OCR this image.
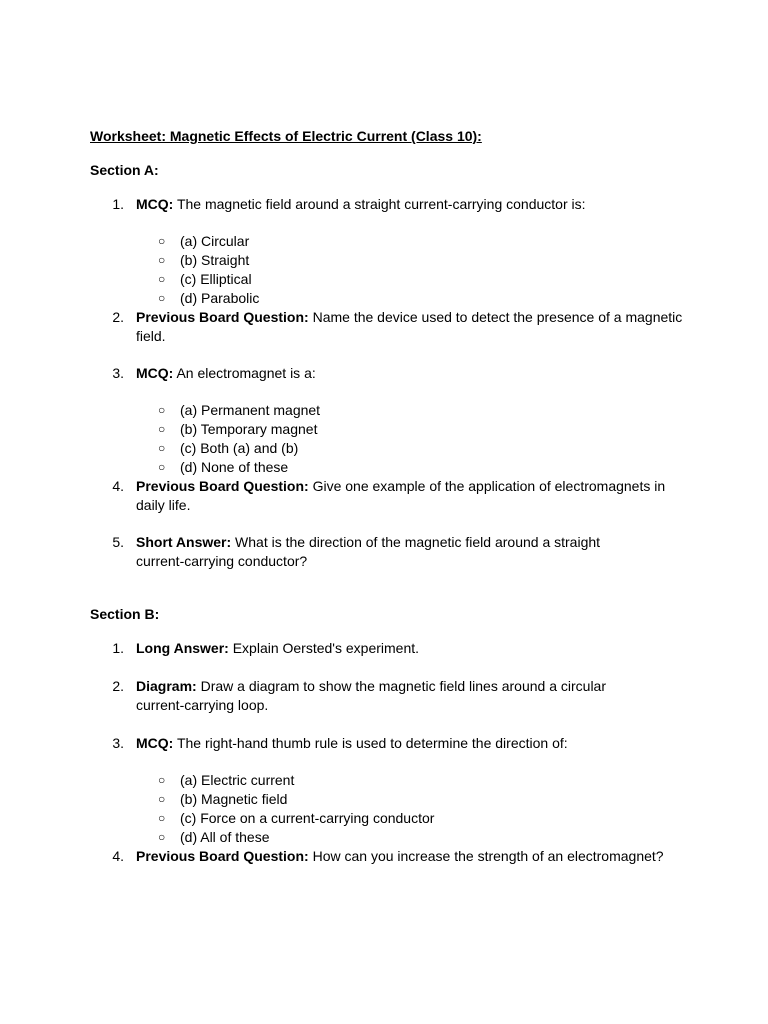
Worksheet: Magnetic Effects of Electric Current (Class 10):
Section A:
1. MCQ: The magnetic field around a straight current-carrying conductor is:
○ (a) Circular
○ (b) Straight
○ (c) Elliptical
○ (d) Parabolic
2. Previous Board Question: Name the device used to detect the presence of a magnetic
field.
3. MCQ: An electromagnet is a:
○ (a) Permanent magnet
○ (b) Temporary magnet
○ (c) Both (a) and (b)
○ (d) None of these
4. Previous Board Question: Give one example of the application of electromagnets in
daily life.
5. Short Answer: What is the direction of the magnetic field around a straight
current-carrying conductor?
Section B:
1. Long Answer: Explain Oersted's experiment.
2. Diagram: Draw a diagram to show the magnetic field lines around a circular
current-carrying loop.
3. MCQ: The right-hand thumb rule is used to determine the direction of:
○ (a) Electric current
○ (b) Magnetic field
○ (c) Force on a current-carrying conductor
○ (d) All of these
4. Previous Board Question: How can you increase the strength of an electromagnet?
